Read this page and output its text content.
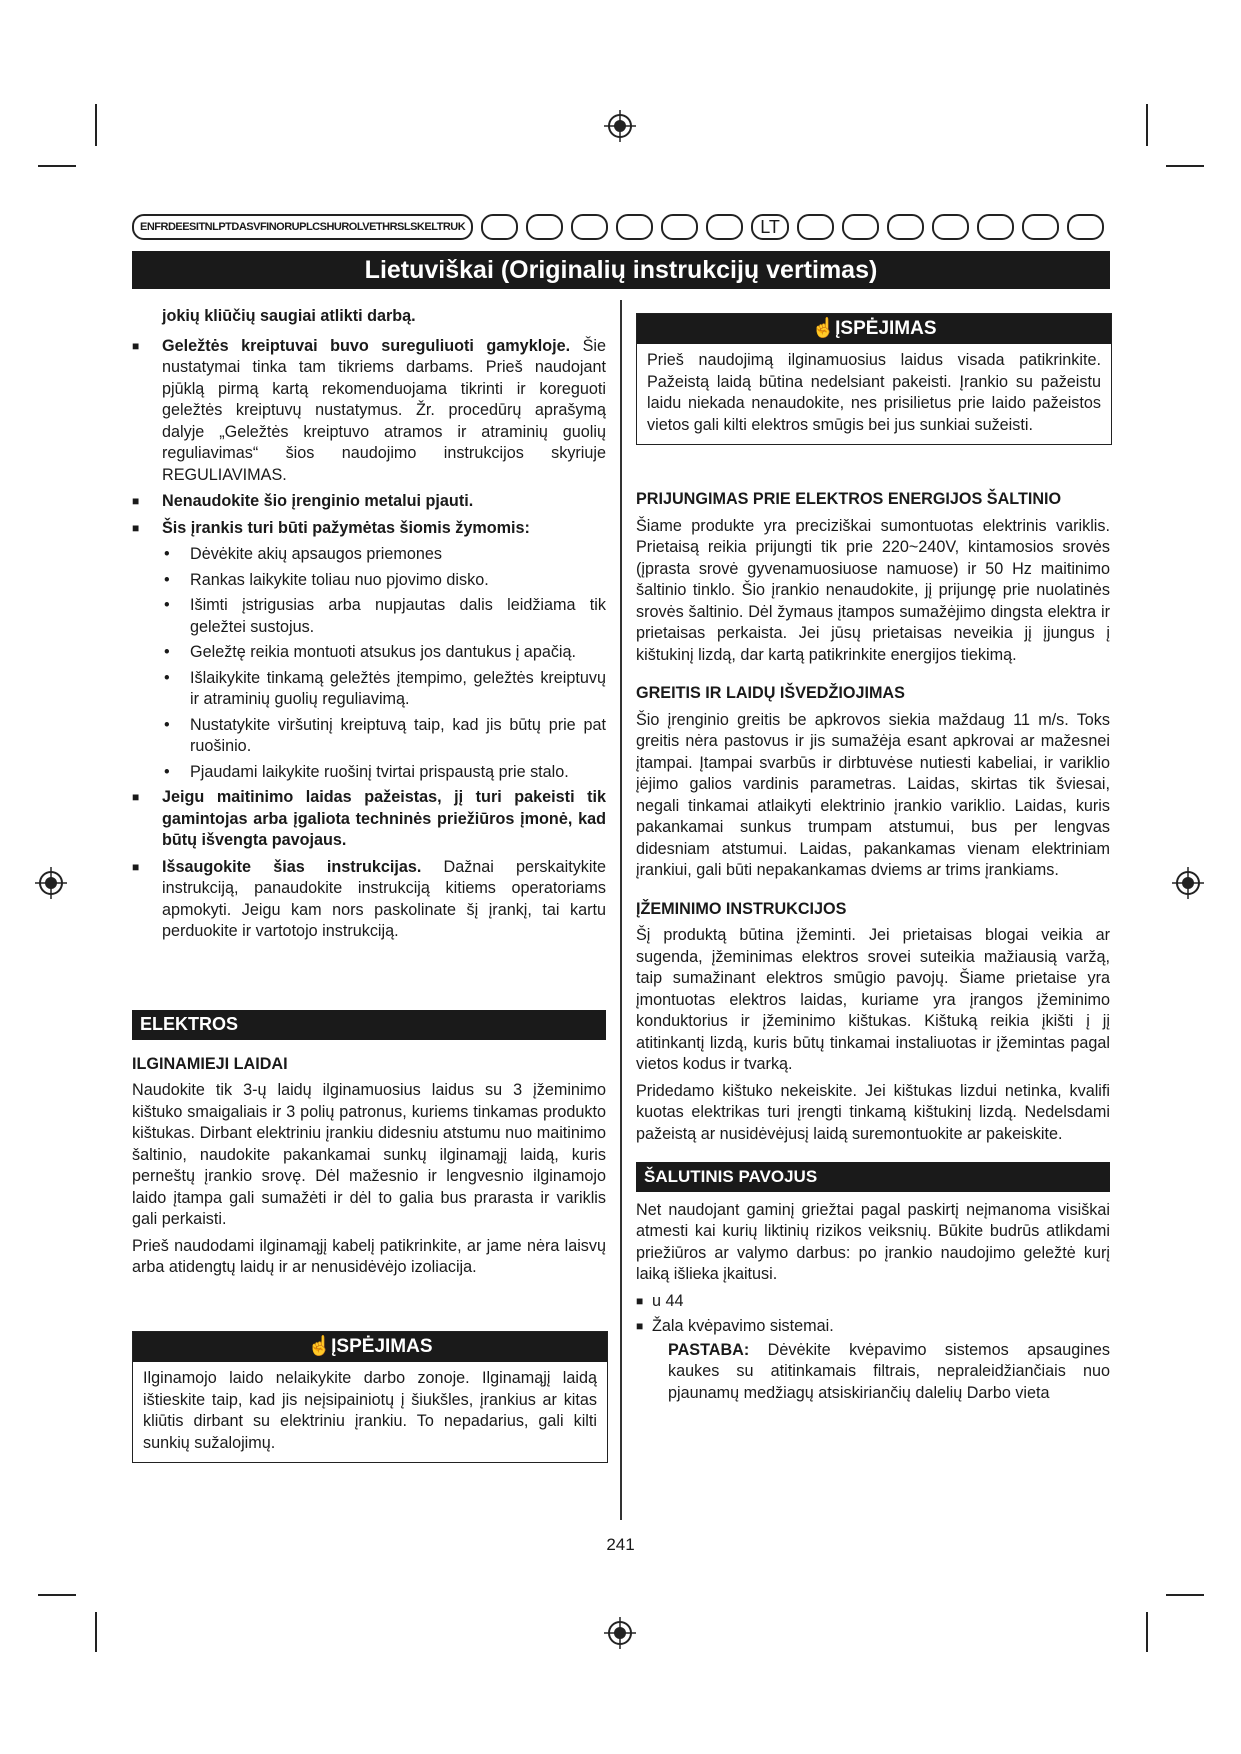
ENFRDEESITNLPTDASVFINORUPLCSHUROLVETHRSLSKELTRUK	LT
Lietuviškai (Originalių instrukcijų vertimas)

jokių kliūčių saugiai atlikti darbą.

■	Geležtės kreiptuvai buvo sureguliuoti gamykloje. Šie nustatymai tinka tam tikriems darbams. Prieš naudojant pjūklą pirmą kartą rekomenduojama tikrinti ir koreguoti geležtės kreiptuvų nustatymus. Žr. procedūrų aprašymą dalyje „Geležtės kreiptuvo atramos ir atraminių guolių reguliavimas“ šios naudojimo instrukcijos skyriuje REGULIAVIMAS.
■	Nenaudokite šio įrenginio metalui pjauti.
■	Šis įrankis turi būti pažymėtas šiomis žymomis:
•	Dėvėkite akių apsaugos priemones
•	Rankas laikykite toliau nuo pjovimo disko.
•	Išimti įstrigusias arba nupjautas dalis leidžiama tik geležtei sustojus.
•	Geležtę reikia montuoti atsukus jos dantukus į apačią.
•	Išlaikykite tinkamą geležtės įtempimo, geležtės kreiptuvų ir atraminių guolių reguliavimą.
•	Nustatykite viršutinį kreiptuvą taip, kad jis būtų prie pat ruošinio.
•	Pjaudami laikykite ruošinį tvirtai prispaustą prie stalo.
■	Jeigu maitinimo laidas pažeistas, jį turi pakeisti tik gamintojas arba įgaliota techninės priežiūros įmonė, kad būtų išvengta pavojaus.
■	Išsaugokite šias instrukcijas. Dažnai perskaitykite instrukciją, panaudokite instrukciją kitiems operatoriams apmokyti. Jeigu kam nors paskolinate šį įrankį, tai kartu perduokite ir vartotojo instrukciją.
ELEKTROS

ILGINAMIEJI LAIDAI

Naudokite tik 3-ų laidų ilginamuosius laidus su 3 įžeminimo kištuko smaigaliais ir 3 polių patronus, kuriems tinkamas produkto kištukas. Dirbant elektriniu įrankiu didesniu atstumu nuo maitinimo šaltinio, naudokite pakankamai sunkų ilginamąjį laidą, kuris perneštų įrankio srovę. Dėl mažesnio ir lengvesnio ilginamojo laido įtampa gali sumažėti ir dėl to galia bus prarasta ir variklis gali perkaisti.

Prieš naudodami ilginamąjį kabelį patikrinkite, ar jame nėra laisvų arba atidengtų laidų ir ar nenusidėvėjo izoliacija.

☝ĮSPĖJIMAS
Ilginamojo laido nelaikykite darbo zonoje. Ilginamąjį laidą ištieskite taip, kad jis neįsipainiotų į šiukšles, įrankius ar kitas kliūtis dirbant su elektriniu įrankiu. To nepadarius, gali kilti sunkių sužalojimų.
☝ĮSPĖJIMAS
Prieš naudojimą ilginamuosius laidus visada patikrinkite. Pažeistą laidą būtina nedelsiant pakeisti. Įrankio su pažeistu laidu niekada nenaudokite, nes prisilietus prie laido pažeistos vietos gali kilti elektros smūgis bei jus sunkiai sužeisti.

PRIJUNGIMAS PRIE ELEKTROS ENERGIJOS ŠALTINIO

Šiame produkte yra preciziškai sumontuotas elektrinis variklis. Prietaisą reikia prijungti tik prie 220~240V, kintamosios srovės (įprasta srovė gyvenamuosiuose namuose) ir 50 Hz maitinimo šaltinio tinklo. Šio įrankio nenaudokite, jį prijungę prie nuolatinės srovės šaltinio. Dėl žymaus įtampos sumažėjimo dingsta elektra ir prietaisas perkaista. Jei jūsų prietaisas neveikia jį įjungus į kištukinį lizdą, dar kartą patikrinkite energijos tiekimą.

GREITIS IR LAIDŲ IŠVEDŽIOJIMAS

Šio įrenginio greitis be apkrovos siekia maždaug 11 m/s. Toks greitis nėra pastovus ir jis sumažėja esant apkrovai ar mažesnei įtampai. Įtampai svarbūs ir dirbtuvėse nutiesti kabeliai, ir variklio įėjimo galios vardinis parametras. Laidas, skirtas tik šviesai, negali tinkamai atlaikyti elektrinio įrankio variklio. Laidas, kuris pakankamai sunkus trumpam atstumui, bus per lengvas didesniam atstumui. Laidas, pakankamas vienam elektriniam įrankiui, gali būti nepakankamas dviems ar trims įrankiams.

ĮŽEMINIMO INSTRUKCIJOS

Šį produktą būtina įžeminti. Jei prietaisas blogai veikia ar sugenda, įžeminimas elektros srovei suteikia mažiausią varžą, taip sumažinant elektros smūgio pavojų. Šiame prietaise yra įmontuotas elektros laidas, kuriame yra įrangos įžeminimo konduktorius ir įžeminimo kištukas. Kištuką reikia įkišti į jį atitinkantį lizdą, kuris būtų tinkamai instaliuotas ir įžemintas pagal vietos kodus ir tvarką.

Pridedamo kištuko nekeiskite. Jei kištukas lizdui netinka, kvalifi kuotas elektrikas turi įrengti tinkamą kištukinį lizdą. Nedelsdami pažeistą ar nusidėvėjusį laidą suremontuokite ar pakeiskite.

ŠALUTINIS PAVOJUS

Net naudojant gaminį griežtai pagal paskirtį neįmanoma visiškai atmesti kai kurių liktinių rizikos veiksnių. Būkite budrūs atlikdami priežiūros ar valymo darbus: po įrankio naudojimo geležtė kurį laiką išlieka įkaitusi.

■ u 44
■ Žala kvėpavimo sistemai.

PASTABA: Dėvėkite kvėpavimo sistemos apsaugines kaukes su atitinkamais filtrais, nepraleidžiančiais nuo pjaunamų medžiagų atsiskiriančių dalelių Darbo vieta

241
